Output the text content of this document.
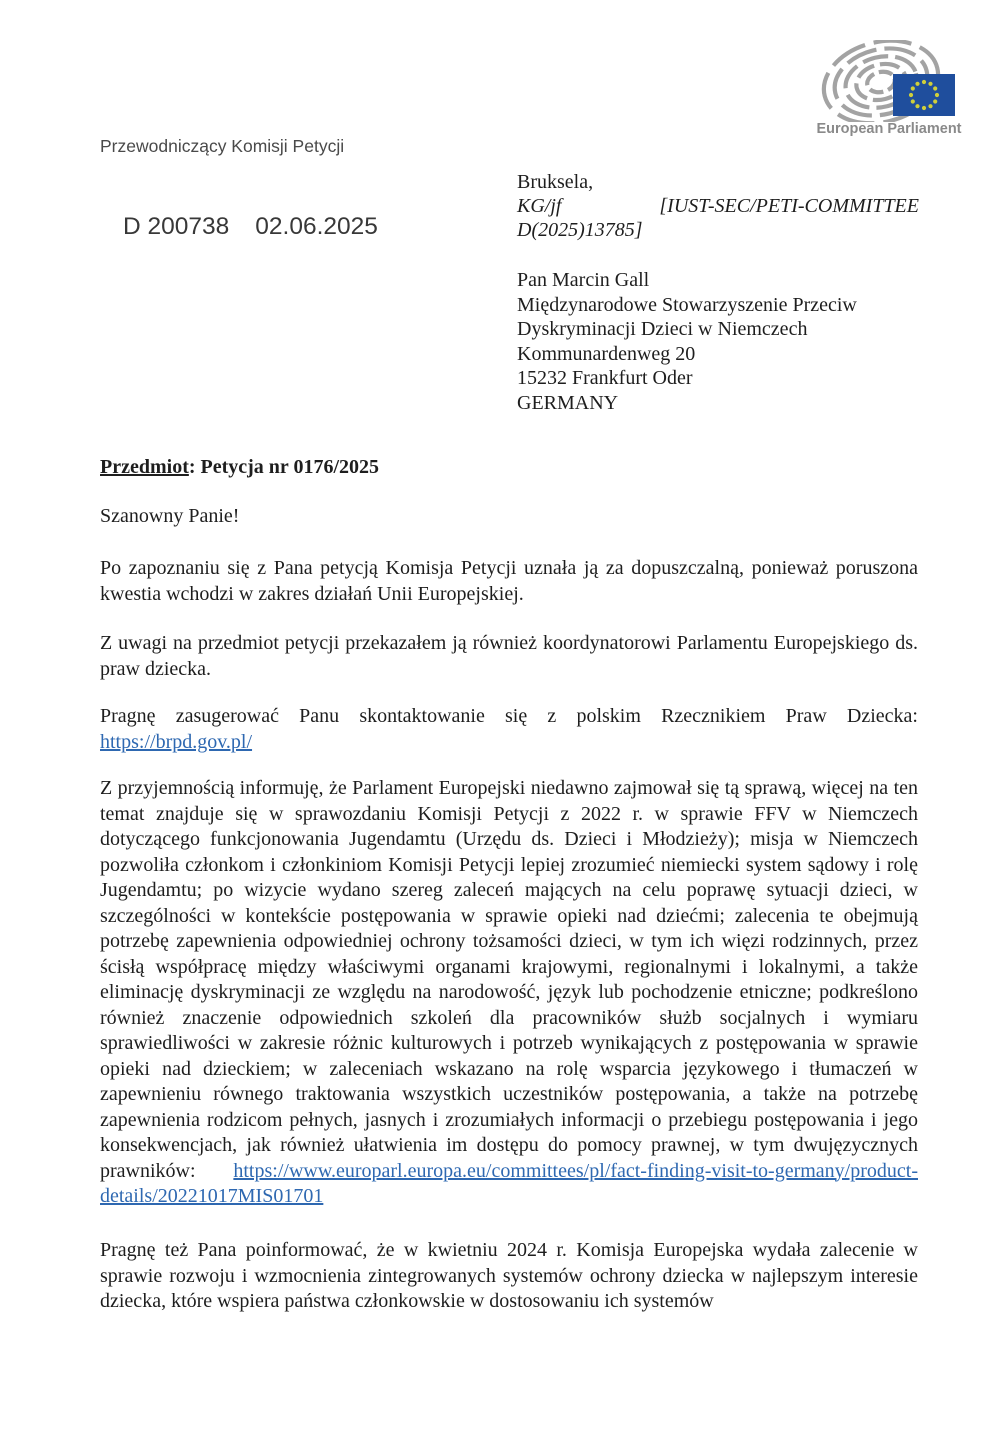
Przewodniczący Komisji Petycji
D 200738 02.06.2025
European Parliament
Bruksela,
KG/jf	[IUST-SEC/PETI-COMMITTEE
D(2025)13785]
Pan Marcin Gall
Międzynarodowe Stowarzyszenie Przeciw
Dyskryminacji Dzieci w Niemczech
Kommunardenweg 20
15232 Frankfurt Oder
GERMANY
Przedmiot: Petycja nr 0176/2025
Szanowny Panie!

Po zapoznaniu się z Pana petycją Komisja Petycji uznała ją za dopuszczalną, ponieważ poruszona kwestia wchodzi w zakres działań Unii Europejskiej.

Z uwagi na przedmiot petycji przekazałem ją również koordynatorowi Parlamentu Europejskiego ds. praw dziecka.

Pragnę zasugerować Panu skontaktowanie się z polskim Rzecznikiem Praw Dziecka: https://brpd.gov.pl/

Z przyjemnością informuję, że Parlament Europejski niedawno zajmował się tą sprawą, więcej na ten temat znajduje się w sprawozdaniu Komisji Petycji z 2022 r. w sprawie FFV w Niemczech dotyczącego funkcjonowania Jugendamtu (Urzędu ds. Dzieci i Młodzieży); misja w Niemczech pozwoliła członkom i członkiniom Komisji Petycji lepiej zrozumieć niemiecki system sądowy i rolę Jugendamtu; po wizycie wydano szereg zaleceń mających na celu poprawę sytuacji dzieci, w szczególności w kontekście postępowania w sprawie opieki nad dziećmi; zalecenia te obejmują potrzebę zapewnienia odpowiedniej ochrony tożsamości dzieci, w tym ich więzi rodzinnych, przez ścisłą współpracę między właściwymi organami krajowymi, regionalnymi i lokalnymi, a także eliminację dyskryminacji ze względu na narodowość, język lub pochodzenie etniczne; podkreślono również znaczenie odpowiednich szkoleń dla pracowników służb socjalnych i wymiaru sprawiedliwości w zakresie różnic kulturowych i potrzeb wynikających z postępowania w sprawie opieki nad dzieckiem; w zaleceniach wskazano na rolę wsparcia językowego i tłumaczeń w zapewnieniu równego traktowania wszystkich uczestników postępowania, a także na potrzebę zapewnienia rodzicom pełnych, jasnych i zrozumiałych informacji o przebiegu postępowania i jego konsekwencjach, jak również ułatwienia im dostępu do pomocy prawnej, w tym dwujęzycznych prawników: https://www.europarl.europa.eu/committees/pl/fact-finding-visit-to-germany/product-details/20221017MIS01701

Pragnę też Pana poinformować, że w kwietniu 2024 r. Komisja Europejska wydała zalecenie w sprawie rozwoju i wzmocnienia zintegrowanych systemów ochrony dziecka w najlepszym interesie dziecka, które wspiera państwa członkowskie w dostosowaniu ich systemów
